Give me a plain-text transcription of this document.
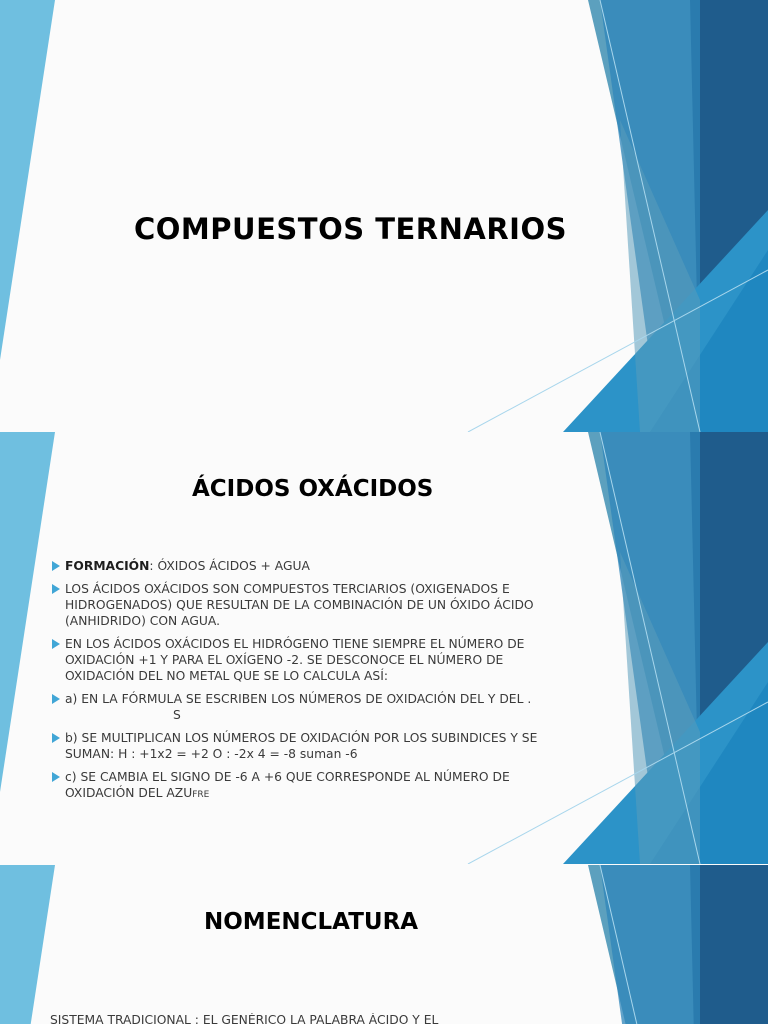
COMPUESTOS TERNARIOS
ÁCIDOS OXÁCIDOS
FORMACIÓN: ÓXIDOS ÁCIDOS + AGUA
LOS ÁCIDOS OXÁCIDOS SON COMPUESTOS TERCIARIOS (OXIGENADOS E HIDROGENADOS) QUE RESULTAN DE LA COMBINACIÓN DE UN ÓXIDO ÁCIDO (ANHIDRIDO) CON AGUA.
EN LOS ÁCIDOS OXÁCIDOS EL HIDRÓGENO TIENE SIEMPRE EL NÚMERO DE OXIDACIÓN +1 Y PARA EL OXÍGENO -2. SE DESCONOCE EL NÚMERO DE OXIDACIÓN DEL NO METAL QUE SE LO CALCULA ASÍ:
a) EN LA FÓRMULA SE ESCRIBEN LOS NÚMEROS DE OXIDACIÓN DEL Y DEL .
S
b) SE MULTIPLICAN LOS NÚMEROS DE OXIDACIÓN POR LOS SUBINDICES Y SE SUMAN: H : +1x2 = +2 O : -2x 4 = -8 suman -6
c) SE CAMBIA EL SIGNO DE -6 A +6 QUE CORRESPONDE AL NÚMERO DE OXIDACIÓN DEL AZUFRE
NOMENCLATURA
SISTEMA TRADICIONAL : EL GENÉRICO LA PALABRA ÁCIDO Y EL
